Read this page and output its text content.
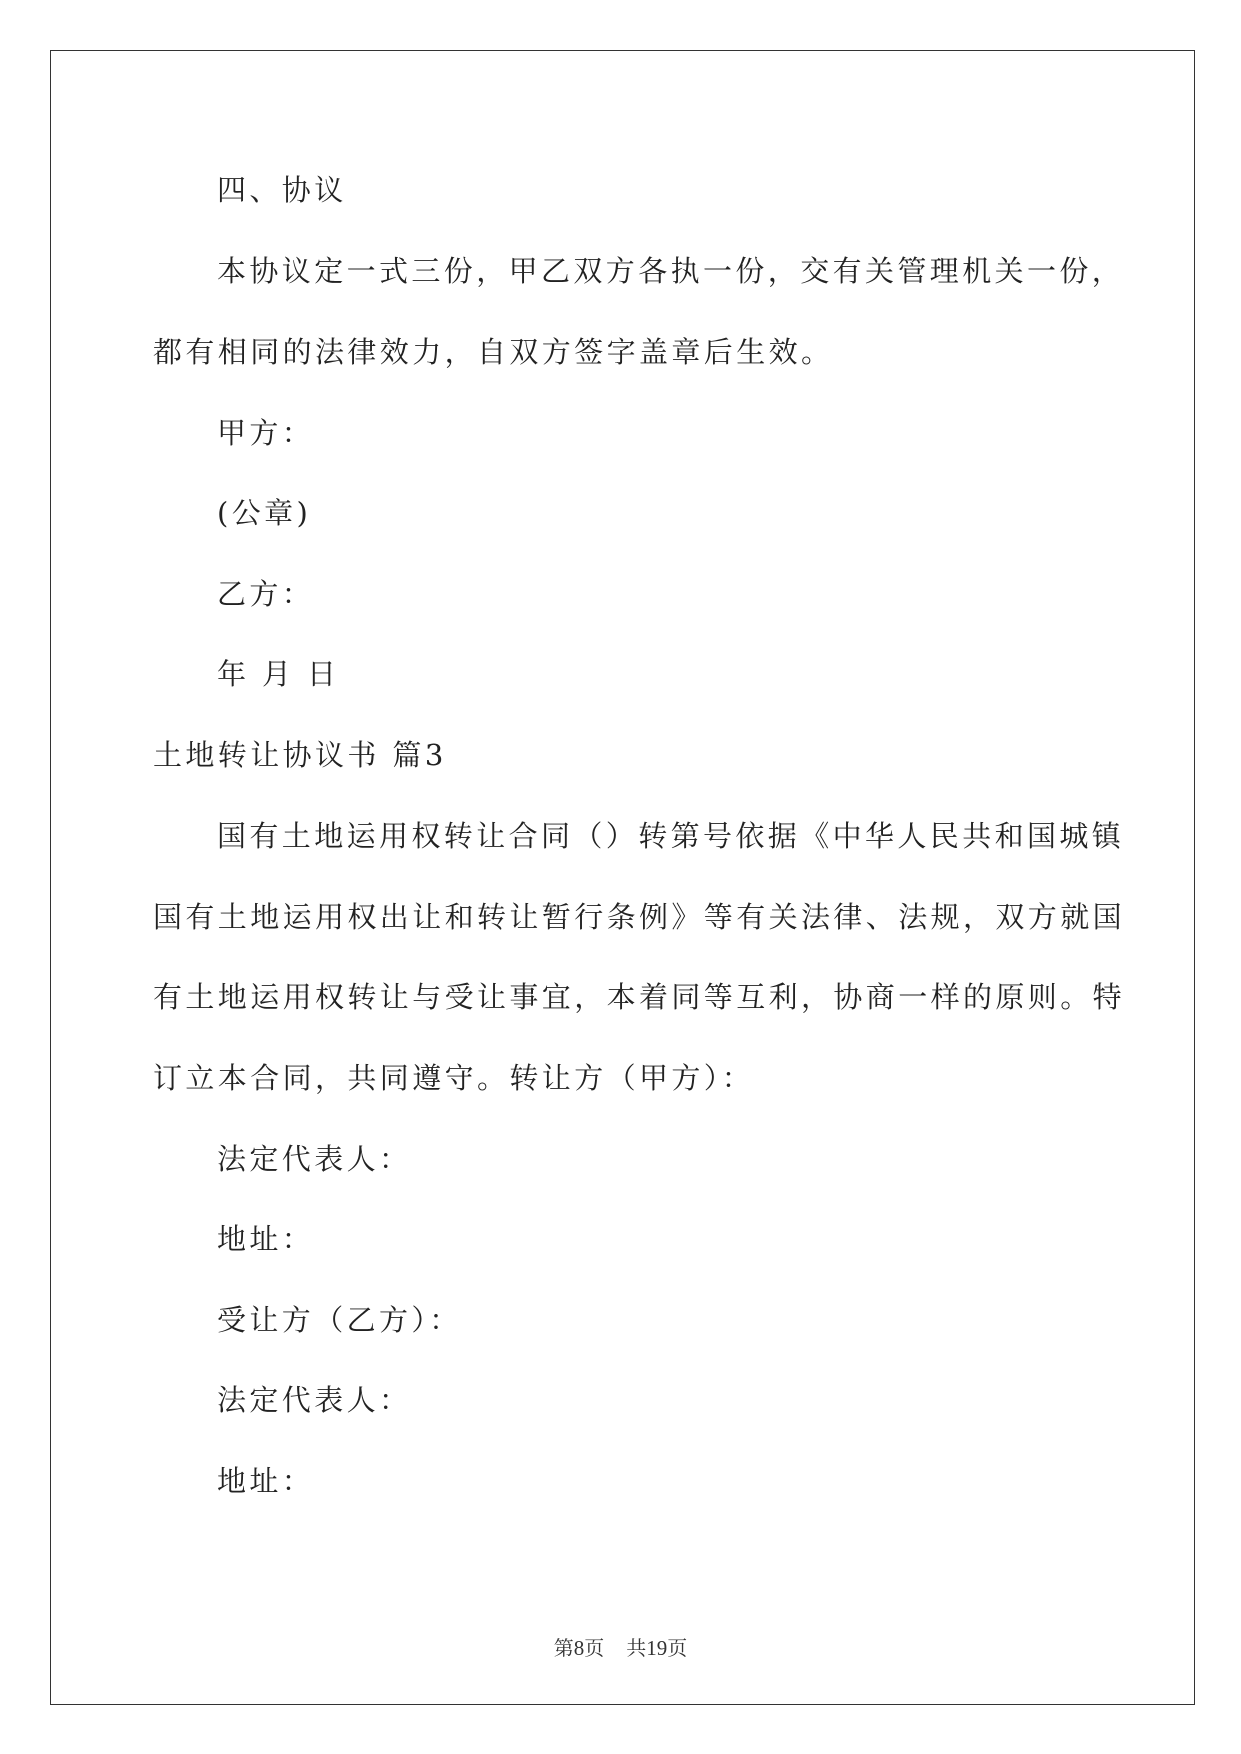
四、协议
本协议定一式三份，甲乙双方各执一份，交有关管理机关一份，
都有相同的法律效力，自双方签字盖章后生效。
甲方：
(公章)
乙方：
年 月 日
土地转让协议书 篇3
国有土地运用权转让合同（）转第号依据《中华人民共和国城镇
国有土地运用权出让和转让暂行条例》等有关法律、法规，双方就国
有土地运用权转让与受让事宜，本着同等互利，协商一样的原则。特
订立本合同，共同遵守。转让方（甲方）：
法定代表人：
地址：
受让方（乙方）：
法定代表人：
地址：
第8页 共19页
